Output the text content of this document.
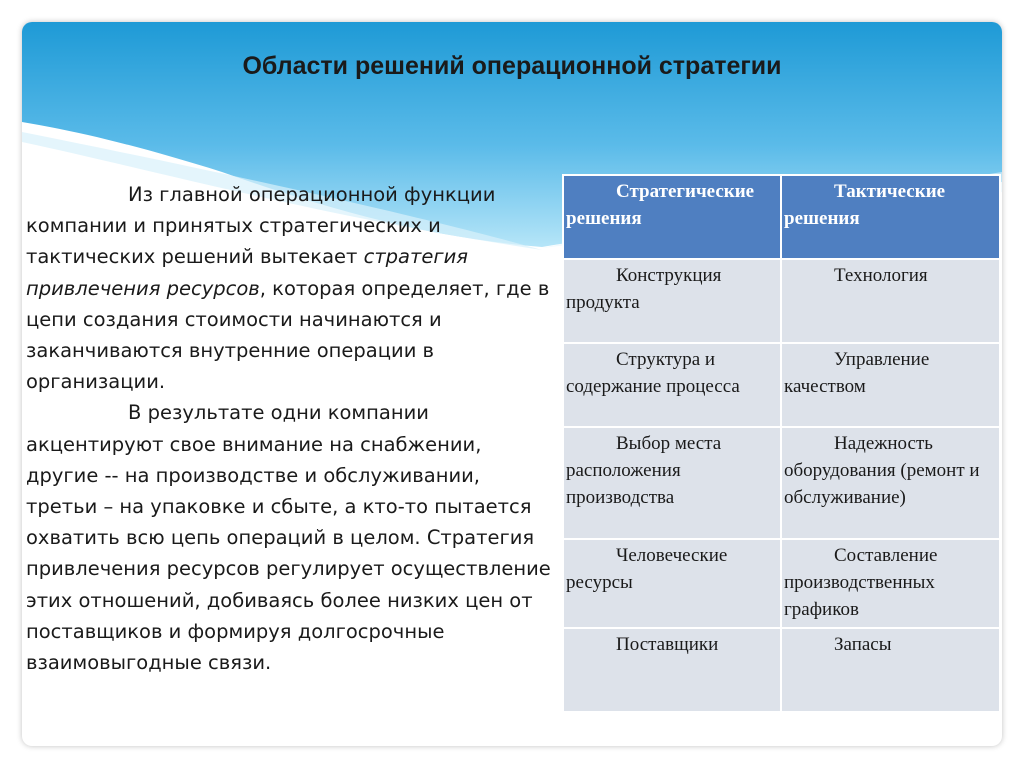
Области решений операционной стратегии

Из главной операционной функции компании и принятых стратегических и тактических решений вытекает стратегия привлечения ресурсов, которая определяет, где в цепи создания стоимости начинаются и заканчиваются внутренние операции в организации.

В результате одни компании акцентируют свое внимание на снабжении, другие -- на производстве и обслуживании, третьи – на упаковке и сбыте, а кто-то пытается охватить всю цепь операций в целом. Стратегия привлечения ресурсов регулирует осуществление этих отношений, добиваясь более низких цен от поставщиков и формируя долгосрочные взаимовыгодные связи.

Стратегические решения	Тактические решения
Конструкция продукта	Технология
Структура и содержание процесса	Управление качеством
Выбор места расположения производства	Надежность оборудования (ремонт и обслуживание)
Человеческие ресурсы	Составление производственных графиков
Поставщики	Запасы
